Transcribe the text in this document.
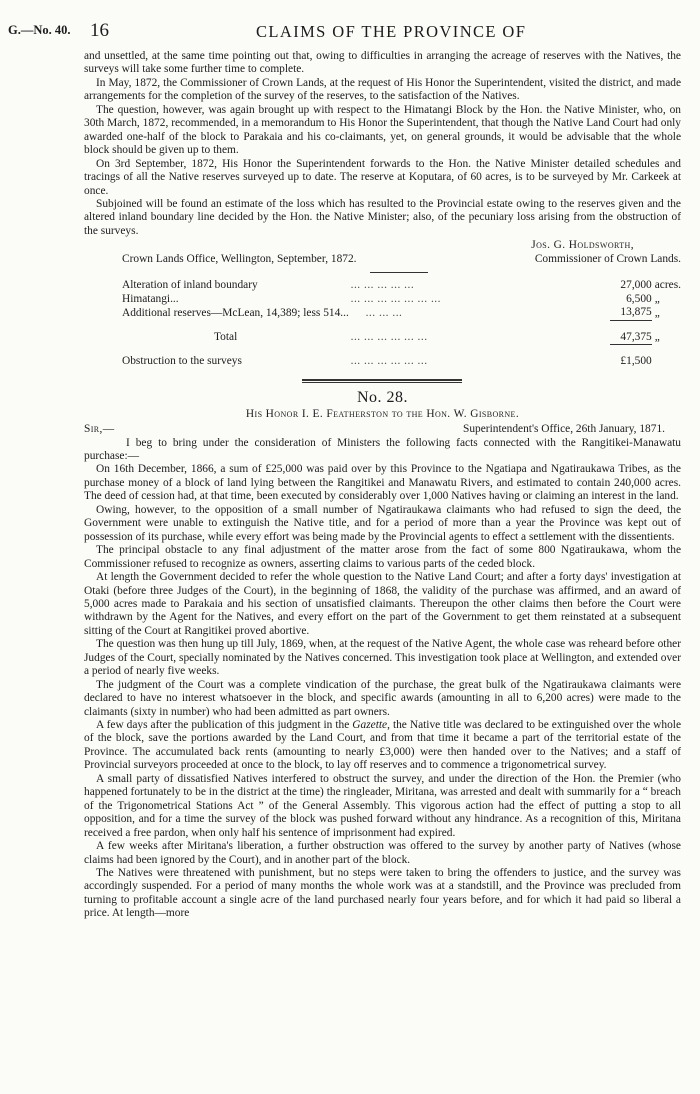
G.—No. 40. 16	CLAIMS OF THE PROVINCE OF

and unsettled, at the same time pointing out that, owing to difficulties in arranging the acreage of reserves with the Natives, the surveys will take some further time to complete.

In May, 1872, the Commissioner of Crown Lands, at the request of His Honor the Superintendent, visited the district, and made arrangements for the completion of the survey of the reserves, to the satisfaction of the Natives.

The question, however, was again brought up with respect to the Himatangi Block by the Hon. the Native Minister, who, on 30th March, 1872, recommended, in a memorandum to His Honor the Superintendent, that though the Native Land Court had only awarded one-half of the block to Parakaia and his co-claimants, yet, on general grounds, it would be advisable that the whole block should be given up to them.

On 3rd September, 1872, His Honor the Superintendent forwards to the Hon. the Native Minister detailed schedules and tracings of all the Native reserves surveyed up to date. The reserve at Koputara, of 60 acres, is to be surveyed by Mr. Carkeek at once.

Subjoined will be found an estimate of the loss which has resulted to the Provincial estate owing to the reserves given and the altered inland boundary line decided by the Hon. the Native Minister; also, of the pecuniary loss arising from the obstruction of the surveys.

Jos. G. Holdsworth,
Crown Lands Office, Wellington, September, 1872.	Commissioner of Crown Lands.
Alteration of inland boundary	... ... ... ... ...	27,000	acres.
Himatangi...	... ... ... ... ... ... ...	6,500	„
Additional reserves—McLean, 14,389; less 514... ... ... ...		13,875	„

Total	... ... ... ... ... ...	47,375	„

Obstruction to the surveys	... ... ... ... ... ...	£1,500	
No. 28.
His Honor I. E. Featherston to the Hon. W. Gisborne.
Sir,—	Superintendent's Office, 26th January, 1871.

I beg to bring under the consideration of Ministers the following facts connected with the Rangitikei-Manawatu purchase:—

On 16th December, 1866, a sum of £25,000 was paid over by this Province to the Ngatiapa and Ngatiraukawa Tribes, as the purchase money of a block of land lying between the Rangitikei and Manawatu Rivers, and estimated to contain 240,000 acres. The deed of cession had, at that time, been executed by considerably over 1,000 Natives having or claiming an interest in the land.

Owing, however, to the opposition of a small number of Ngatiraukawa claimants who had refused to sign the deed, the Government were unable to extinguish the Native title, and for a period of more than a year the Province was kept out of possession of its purchase, while every effort was being made by the Provincial agents to effect a settlement with the dissentients.

The principal obstacle to any final adjustment of the matter arose from the fact of some 800 Ngatiraukawa, whom the Commissioner refused to recognize as owners, asserting claims to various parts of the ceded block.

At length the Government decided to refer the whole question to the Native Land Court; and after a forty days' investigation at Otaki (before three Judges of the Court), in the beginning of 1868, the validity of the purchase was affirmed, and an award of 5,000 acres made to Parakaia and his section of unsatisfied claimants. Thereupon the other claims then before the Court were withdrawn by the Agent for the Natives, and every effort on the part of the Government to get them reinstated at a subsequent sitting of the Court at Rangitikei proved abortive.

The question was then hung up till July, 1869, when, at the request of the Native Agent, the whole case was reheard before other Judges of the Court, specially nominated by the Natives concerned. This investigation took place at Wellington, and extended over a period of nearly five weeks.

The judgment of the Court was a complete vindication of the purchase, the great bulk of the Ngatiraukawa claimants were declared to have no interest whatsoever in the block, and specific awards (amounting in all to 6,200 acres) were made to the claimants (sixty in number) who had been admitted as part owners.

A few days after the publication of this judgment in the Gazette, the Native title was declared to be extinguished over the whole of the block, save the portions awarded by the Land Court, and from that time it became a part of the territorial estate of the Province. The accumulated back rents (amounting to nearly £3,000) were then handed over to the Natives; and a staff of Provincial surveyors proceeded at once to the block, to lay off reserves and to commence a trigonometrical survey.

A small party of dissatisfied Natives interfered to obstruct the survey, and under the direction of the Hon. the Premier (who happened fortunately to be in the district at the time) the ringleader, Miritana, was arrested and dealt with summarily for a “ breach of the Trigonometrical Stations Act ” of the General Assembly. This vigorous action had the effect of putting a stop to all opposition, and for a time the survey of the block was pushed forward without any hindrance. As a recognition of this, Miritana received a free pardon, when only half his sentence of imprisonment had expired.

A few weeks after Miritana's liberation, a further obstruction was offered to the survey by another party of Natives (whose claims had been ignored by the Court), and in another part of the block.

The Natives were threatened with punishment, but no steps were taken to bring the offenders to justice, and the survey was accordingly suspended. For a period of many months the whole work was at a standstill, and the Province was precluded from turning to profitable account a single acre of the land purchased nearly four years before, and for which it had paid so liberal a price. At length—more
